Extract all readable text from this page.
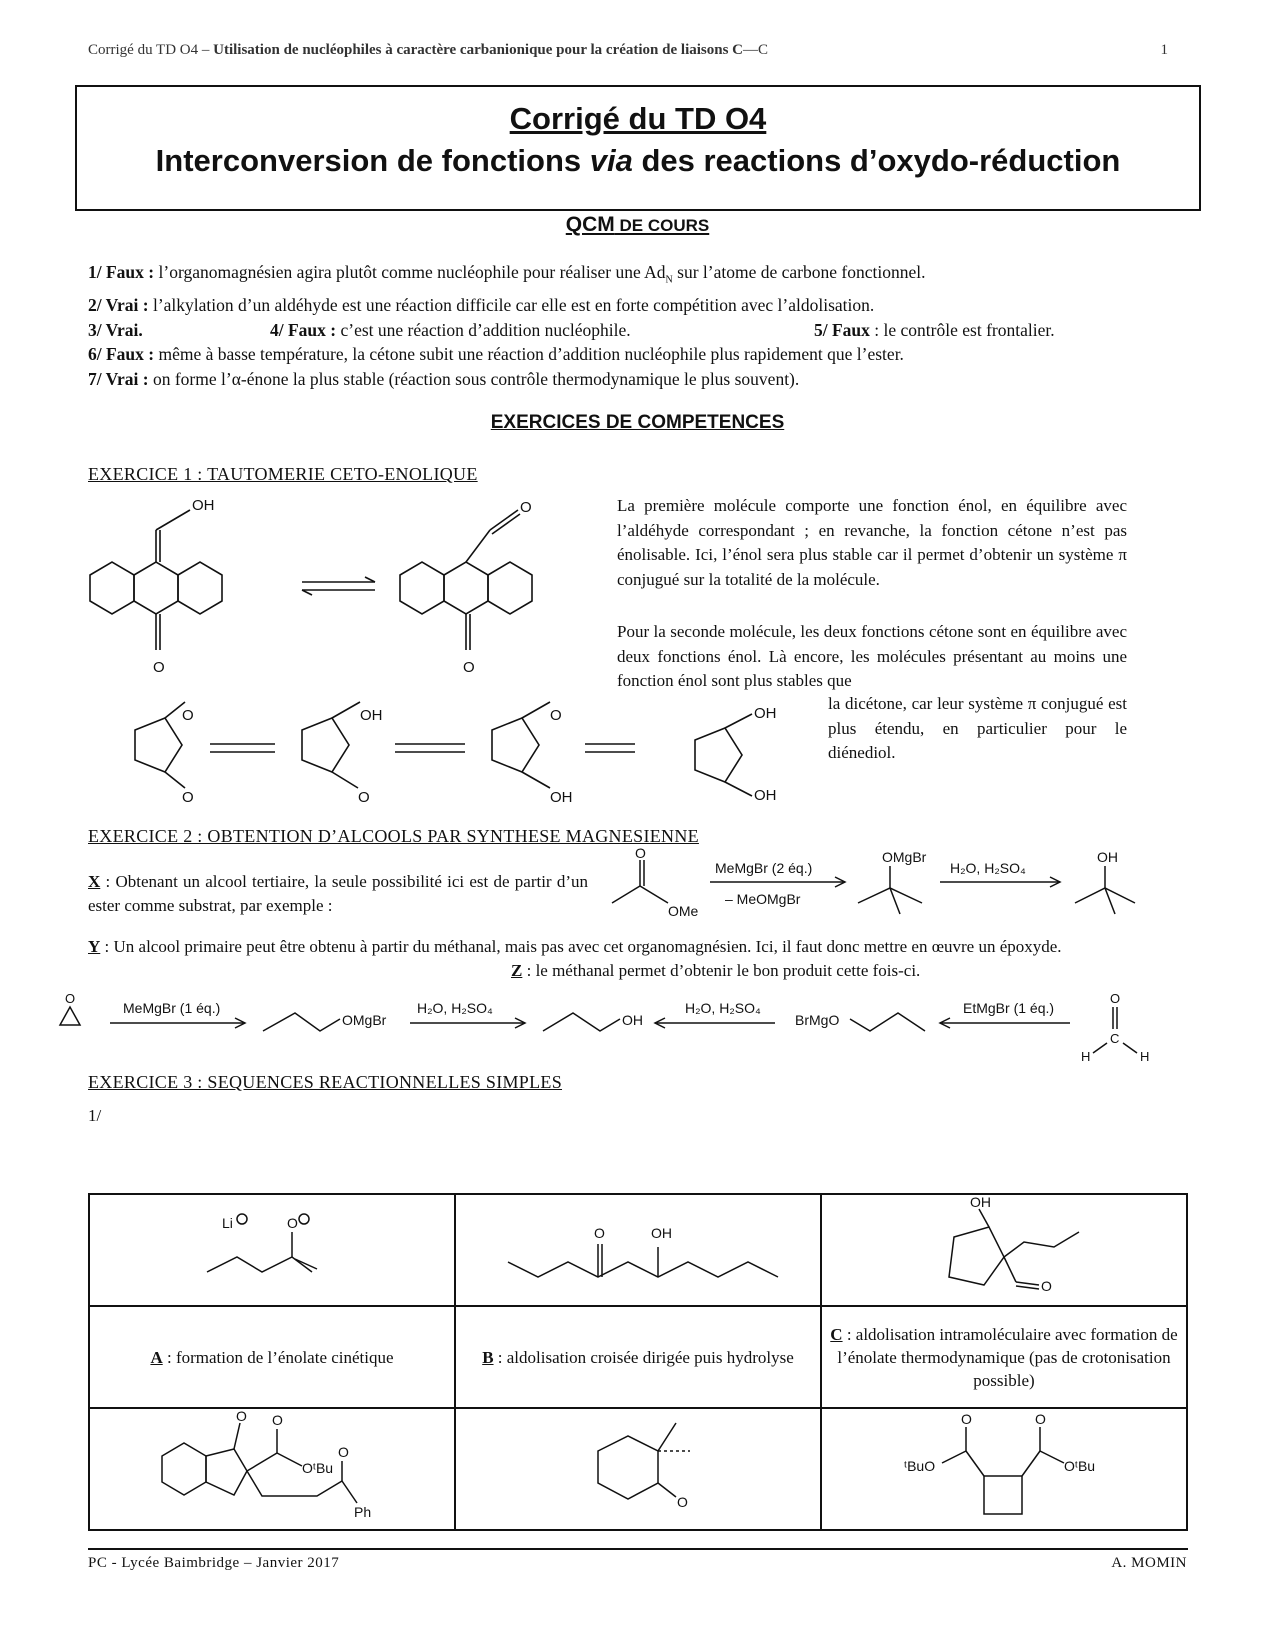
Corrigé du TD O4 – Utilisation de nucléophiles à caractère carbanionique pour la création de liaisons C—C	1
Corrigé du TD O4
Interconversion de fonctions via des reactions d’oxydo-réduction
QCM DE COURS
1/ Faux : l’organomagnésien agira plutôt comme nucléophile pour réaliser une $Ad_N$ sur l’atome de carbone fonctionnel.
2/ Vrai : l’alkylation d’un aldéhyde est une réaction difficile car elle est en forte compétition avec l’aldolisation.
3/ Vrai.	4/ Faux : c’est une réaction d’addition nucléophile.	5/ Faux : le contrôle est frontalier.
6/ Faux : même à basse température, la cétone subit une réaction d’addition nucléophile plus rapidement que l’ester.
7/ Vrai : on forme l’α-énone la plus stable (réaction sous contrôle thermodynamique le plus souvent).
EXERCICES DE COMPETENCES
EXERCICE 1 : TAUTOMERIE CETO-ENOLIQUE
OH
O
O
O
O
O
OH
O
O
OH
OH
OH
La première molécule comporte une fonction énol, en équilibre avec l’aldéhyde correspondant ; en revanche, la fonction cétone n’est pas énolisable. Ici, l’énol sera plus stable car il permet d’obtenir un système π conjugué sur la totalité de la molécule.
Pour la seconde molécule, les deux fonctions cétone sont en équilibre avec deux fonctions énol. Là encore, les molécules présentant au moins une fonction énol sont plus stables que
la dicétone, car leur système π conjugué est plus étendu, en particulier pour le diénediol.
EXERCICE 2 : OBTENTION D’ALCOOLS PAR SYNTHESE MAGNESIENNE
X : Obtenant un alcool tertiaire, la seule possibilité ici est de partir d’un ester comme substrat, par exemple :
O
OMe
MeMgBr (2 éq.)
– MeOMgBr
OMgBr
H₂O, H₂SO₄
OH
Y : Un alcool primaire peut être obtenu à partir du méthanal, mais pas avec cet organomagnésien. Ici, il faut donc mettre en œuvre un époxyde.
Z : le méthanal permet d’obtenir le bon produit cette fois-ci.
O
MeMgBr (1 éq.)
OMgBr
H₂O, H₂SO₄
OH
H₂O, H₂SO₄
BrMgO
EtMgBr (1 éq.)
O
C
H	H
EXERCICE 3 : SEQUENCES REACTIONNELLES SIMPLES
1/
Li O	O OH	OH
O

A : formation de l’énolate cinétique	B : aldolisation croisée dirigée puis hydrolyse	C : aldolisation intramoléculaire avec formation de l’énolate thermodynamique (pas de crotonisation possible)

O O
OᵗBu
O
Ph	O	O O
ᵗBuO OᵗBu
PC - Lycée Baimbridge – Janvier 2017	A. MOMIN
